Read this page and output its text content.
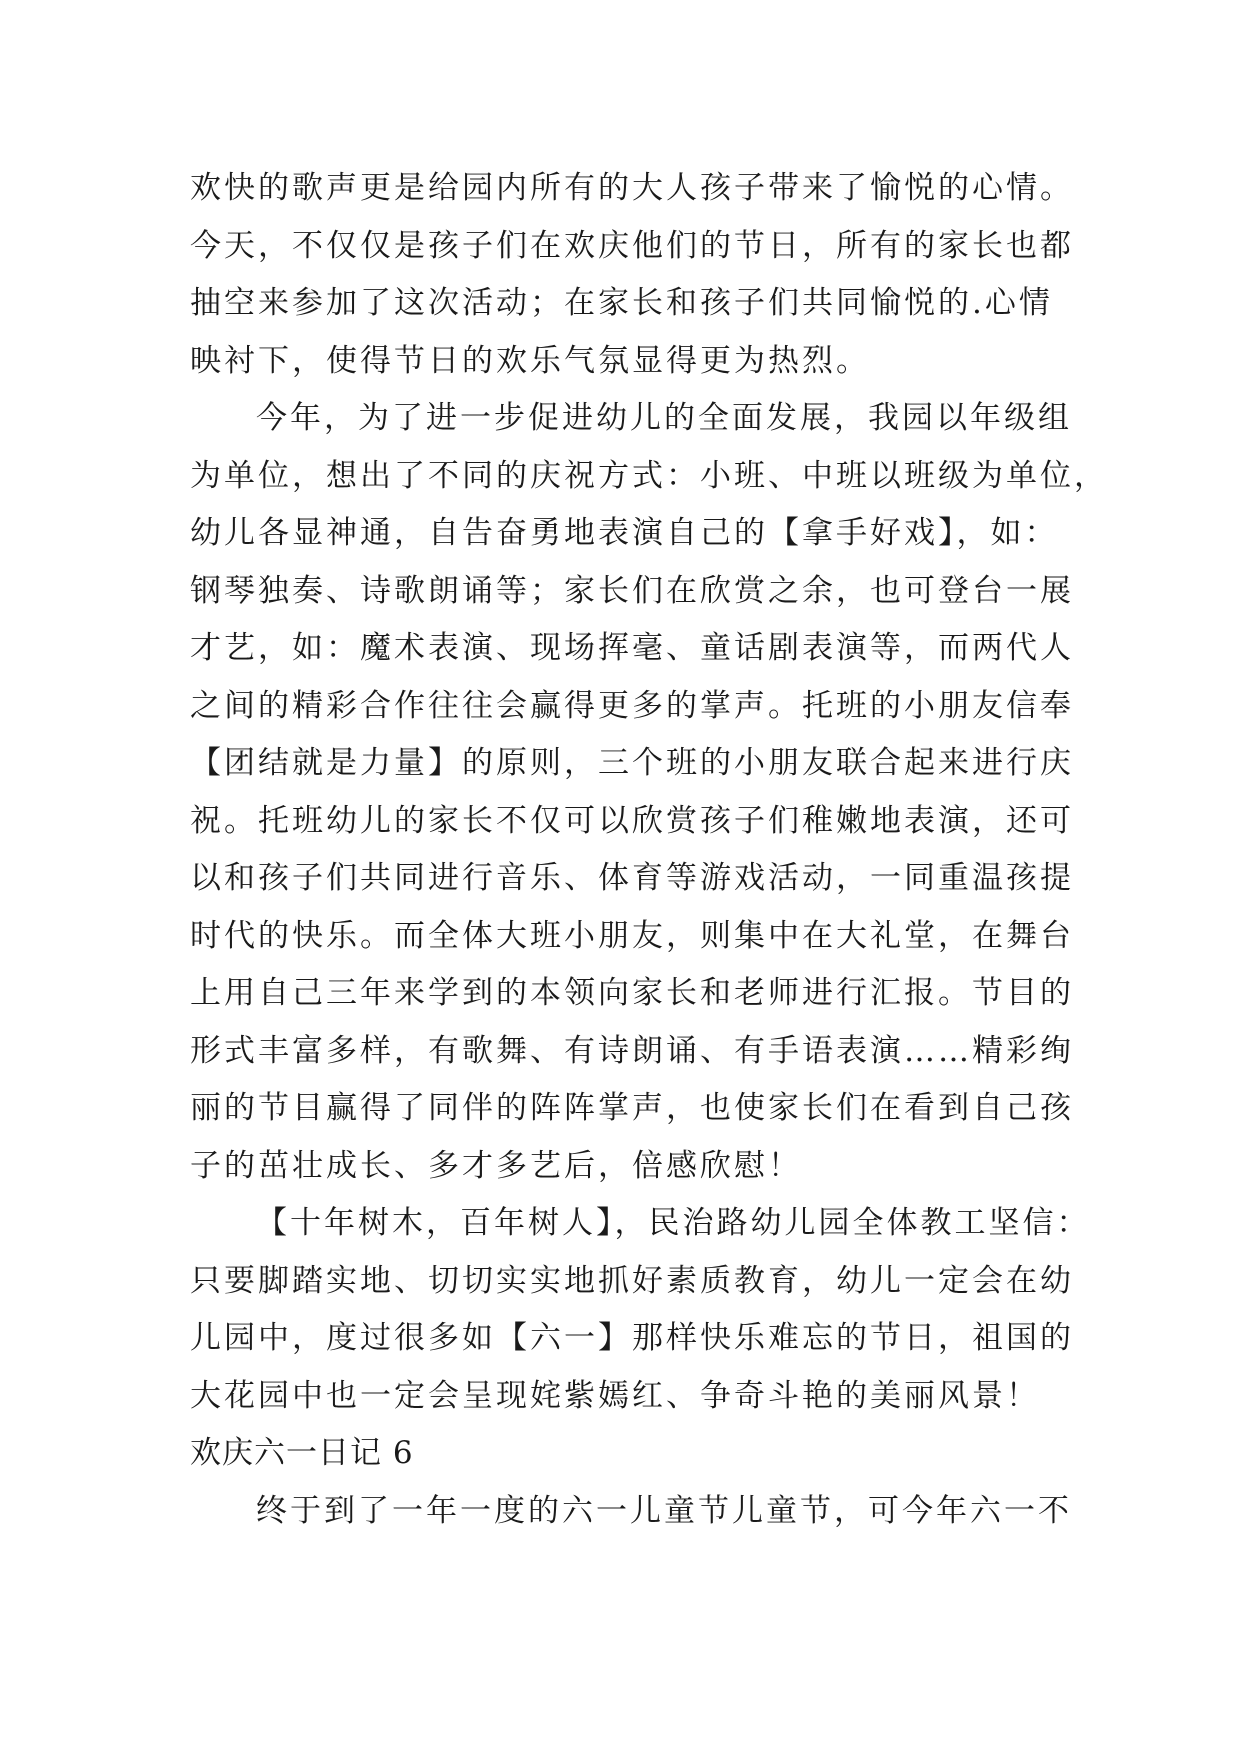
欢快的歌声更是给园内所有的大人孩子带来了愉悦的心情。
今天，不仅仅是孩子们在欢庆他们的节日，所有的家长也都
抽空来参加了这次活动；在家长和孩子们共同愉悦的.心情
映衬下，使得节日的欢乐气氛显得更为热烈。
今年，为了进一步促进幼儿的全面发展，我园以年级组
为单位，想出了不同的庆祝方式：小班、中班以班级为单位，
幼儿各显神通，自告奋勇地表演自己的【拿手好戏】，如：
钢琴独奏、诗歌朗诵等；家长们在欣赏之余，也可登台一展
才艺，如：魔术表演、现场挥毫、童话剧表演等，而两代人
之间的精彩合作往往会赢得更多的掌声。托班的小朋友信奉
【团结就是力量】的原则，三个班的小朋友联合起来进行庆
祝。托班幼儿的家长不仅可以欣赏孩子们稚嫩地表演，还可
以和孩子们共同进行音乐、体育等游戏活动，一同重温孩提
时代的快乐。而全体大班小朋友，则集中在大礼堂，在舞台
上用自己三年来学到的本领向家长和老师进行汇报。节目的
形式丰富多样，有歌舞、有诗朗诵、有手语表演……精彩绚
丽的节目赢得了同伴的阵阵掌声，也使家长们在看到自己孩
子的茁壮成长、多才多艺后，倍感欣慰！
【十年树木，百年树人】，民治路幼儿园全体教工坚信：
只要脚踏实地、切切实实地抓好素质教育，幼儿一定会在幼
儿园中，度过很多如【六一】那样快乐难忘的节日，祖国的
大花园中也一定会呈现姹紫嫣红、争奇斗艳的美丽风景！
欢庆六一日记 6
终于到了一年一度的六一儿童节儿童节，可今年六一不
